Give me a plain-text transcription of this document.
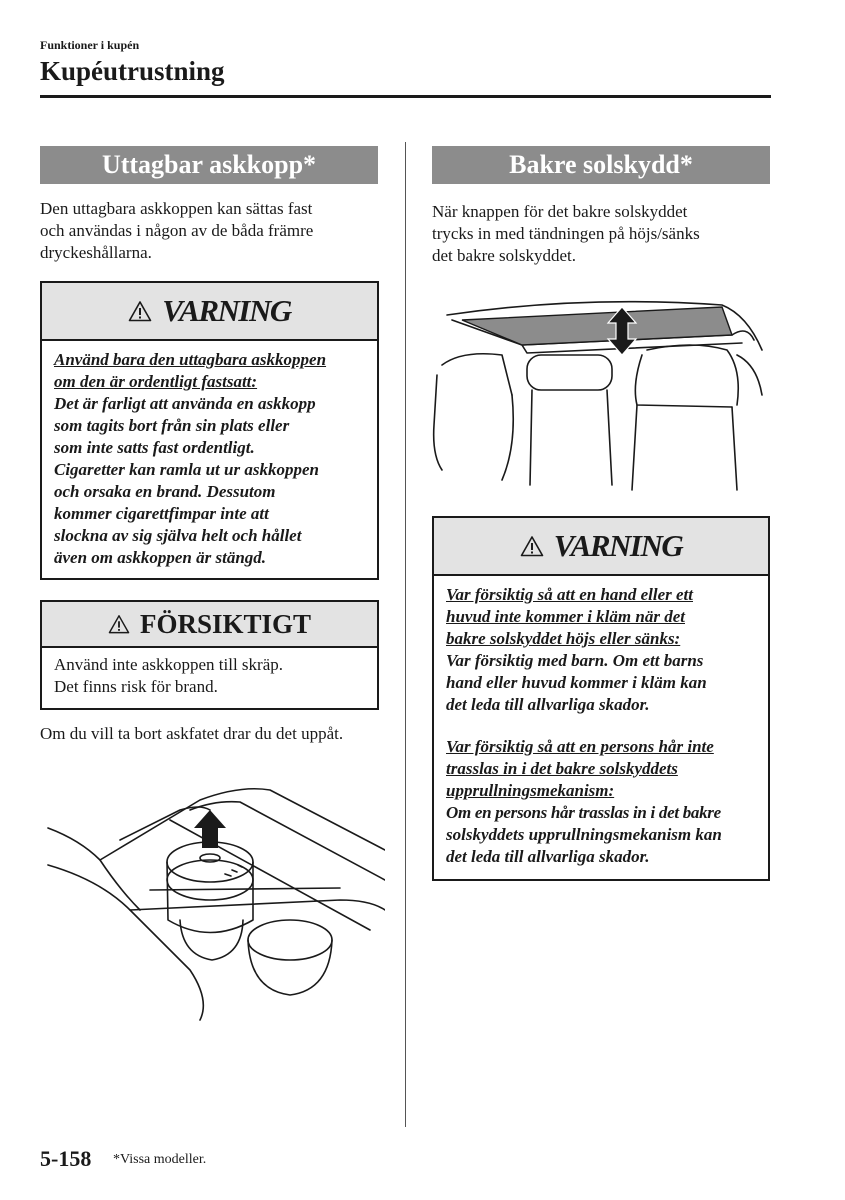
Funktioner i kupén
Kupéutrustning
Uttagbar askkopp*
Den uttagbara askkoppen kan sättas fast
och användas i någon av de båda främre
dryckeshållarna.
VARNING
Använd bara den uttagbara askkoppen
om den är ordentligt fastsatt:
Det är farligt att använda en askkopp
som tagits bort från sin plats eller
som inte satts fast ordentligt.
Cigaretter kan ramla ut ur askkoppen
och orsaka en brand. Dessutom
kommer cigarettfimpar inte att
slockna av sig själva helt och hållet
även om askkoppen är stängd.
FÖRSIKTIGT
Använd inte askkoppen till skräp.
Det finns risk för brand.
Om du vill ta bort askfatet drar du det uppåt.
Bakre solskydd*
När knappen för det bakre solskyddet
trycks in med tändningen på höjs/sänks
det bakre solskyddet.
VARNING
Var försiktig så att en hand eller ett
huvud inte kommer i kläm när det
bakre solskyddet höjs eller sänks:
Var försiktig med barn. Om ett barns
hand eller huvud kommer i kläm kan
det leda till allvarliga skador.
Var försiktig så att en persons hår inte
trasslas in i det bakre solskyddets
upprullningsmekanism:
Om en persons hår trasslas in i det bakre
solskyddets upprullningsmekanism kan
det leda till allvarliga skador.
5-158 *Vissa modeller.
